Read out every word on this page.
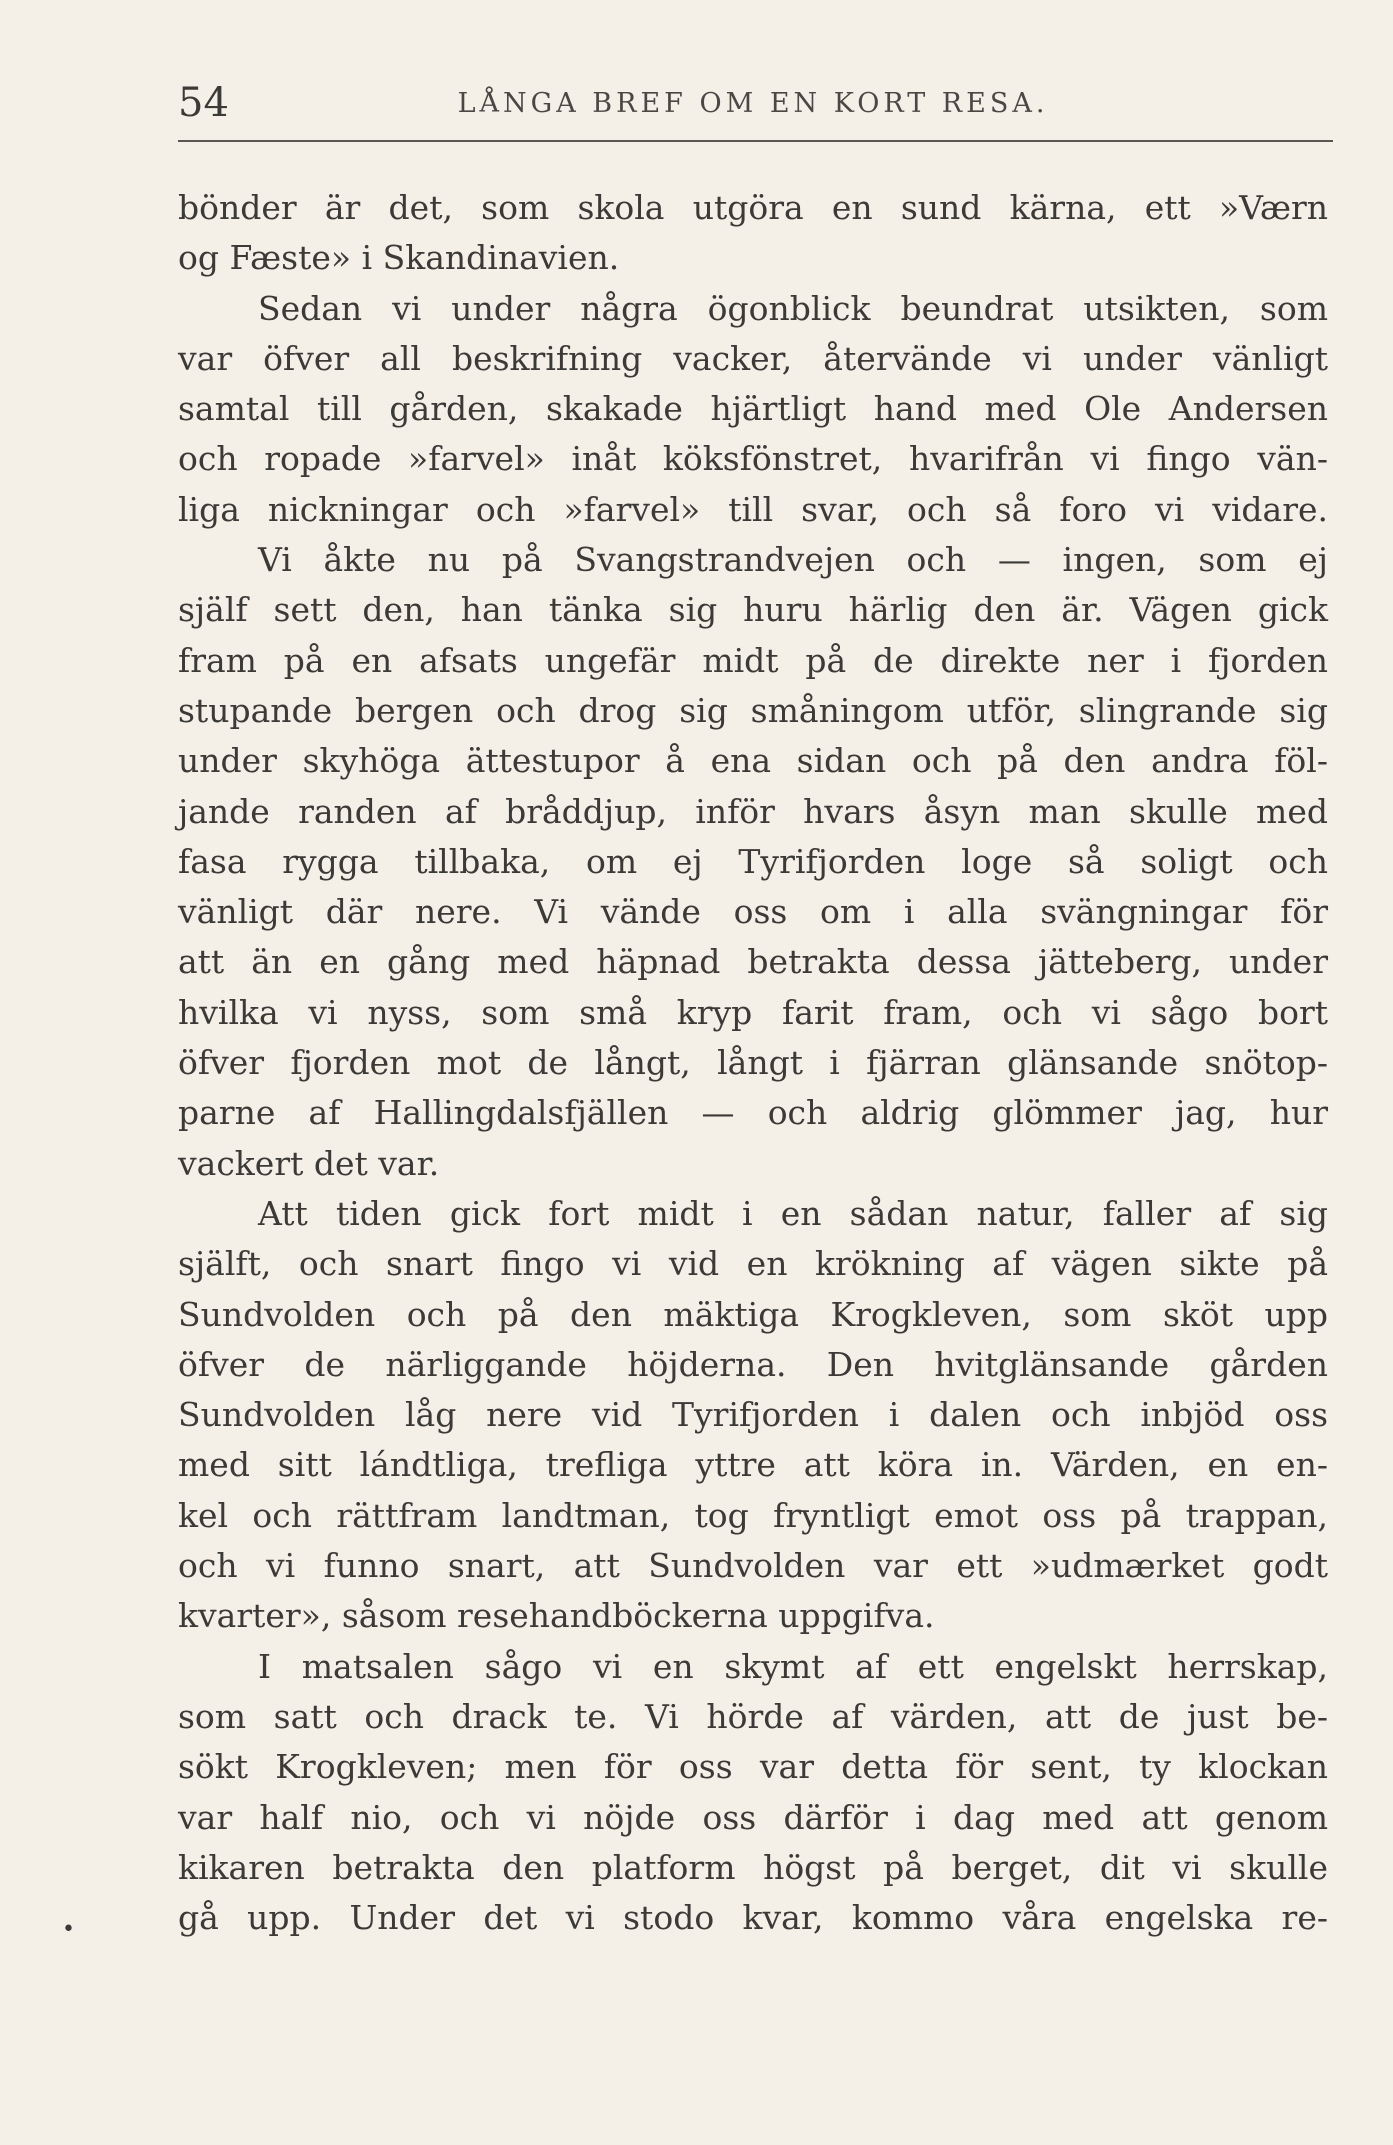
54	LÅNGA BREF OM EN KORT RESA.
bönder är det, som skola utgöra en sund kärna, ett »Værn
og Fæste» i Skandinavien.
Sedan vi under några ögonblick beundrat utsikten, som
var öfver all beskrifning vacker, återvände vi under vänligt
samtal till gården, skakade hjärtligt hand med Ole Andersen
och ropade »farvel» inåt köksfönstret, hvarifrån vi fingo vän-
liga nickningar och »farvel» till svar, och så foro vi vidare.
Vi åkte nu på Svangstrandvejen och — ingen, som ej
själf sett den, han tänka sig huru härlig den är. Vägen gick
fram på en afsats ungefär midt på de direkte ner i fjorden
stupande bergen och drog sig småningom utför, slingrande sig
under skyhöga ättestupor å ena sidan och på den andra föl-
jande randen af bråddjup, inför hvars åsyn man skulle med
fasa rygga tillbaka, om ej Tyrifjorden loge så soligt och
vänligt där nere. Vi vände oss om i alla svängningar för
att än en gång med häpnad betrakta dessa jätteberg, under
hvilka vi nyss, som små kryp farit fram, och vi sågo bort
öfver fjorden mot de långt, långt i fjärran glänsande snötop-
parne af Hallingdalsfjällen — och aldrig glömmer jag, hur
vackert det var.
Att tiden gick fort midt i en sådan natur, faller af sig
själft, och snart fingo vi vid en krökning af vägen sikte på
Sundvolden och på den mäktiga Krogkleven, som sköt upp
öfver de närliggande höjderna. Den hvitglänsande gården
Sundvolden låg nere vid Tyrifjorden i dalen och inbjöd oss
med sitt lándtliga, trefliga yttre att köra in. Värden, en en-
kel och rättfram landtman, tog fryntligt emot oss på trappan,
och vi funno snart, att Sundvolden var ett »udmærket godt
kvarter», såsom resehandböckerna uppgifva.
I matsalen sågo vi en skymt af ett engelskt herrskap,
som satt och drack te. Vi hörde af värden, att de just be-
sökt Krogkleven; men för oss var detta för sent, ty klockan
var half nio, och vi nöjde oss därför i dag med att genom
kikaren betrakta den platform högst på berget, dit vi skulle
gå upp. Under det vi stodo kvar, kommo våra engelska re-
•
